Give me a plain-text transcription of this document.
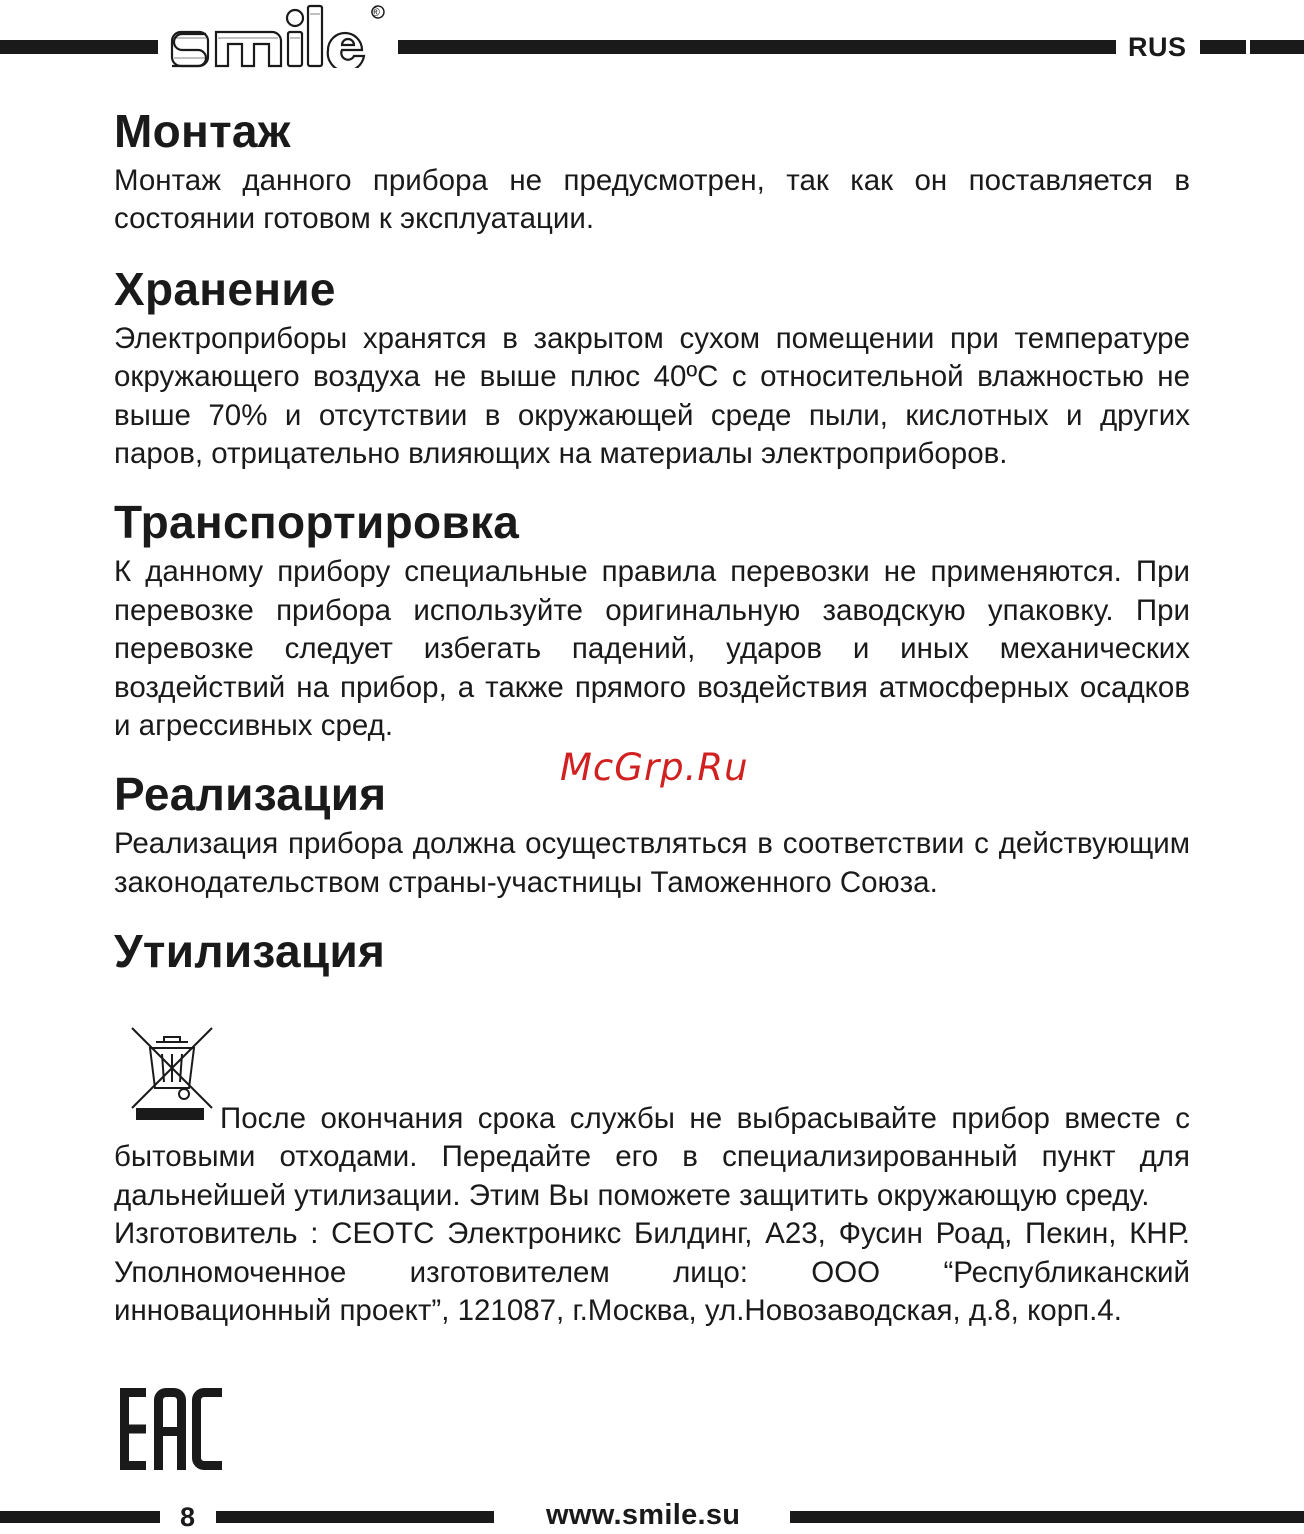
®
RUS
Монтаж

Монтаж данного прибора не предусмотрен, так как он поставляется в состоянии готовом к эксплуатации.

Хранение

Электроприборы хранятся в закрытом сухом помещении при температуре окружающего воздуха не выше плюс 40ºС с относительной влажностью не выше 70% и отсутствии в окружающей среде пыли, кислотных и других паров, отрицательно влияющих на материалы электроприборов.

Транспортировка

К данному прибору специальные правила перевозки не применяются. При перевозке прибора используйте оригинальную заводскую упаковку. При перевозке следует избегать падений, ударов и иных механических воздействий на прибор, а также прямого воздействия атмосферных осадков и агрессивных сред.

Реализация

Реализация прибора должна осуществляться в соответствии с действующим законодательством страны-участницы Таможенного Союза.

Утилизация

После окончания срока службы не выбрасывайте прибор вместе с бытовыми отходами. Передайте его в специализированный пункт для дальнейшей утилизации. Этим Вы поможете защитить окружающую среду.

Изготовитель : CEOTC Электроникс Билдинг, А23, Фусин Роад, Пекин, КНР. Уполномоченное изготовителем лицо: ООО “Республиканский инновационный проект”, 121087, г.Москва, ул.Новозаводская, д.8, корп.4.

McGrp.Ru
8	www.smile.su
